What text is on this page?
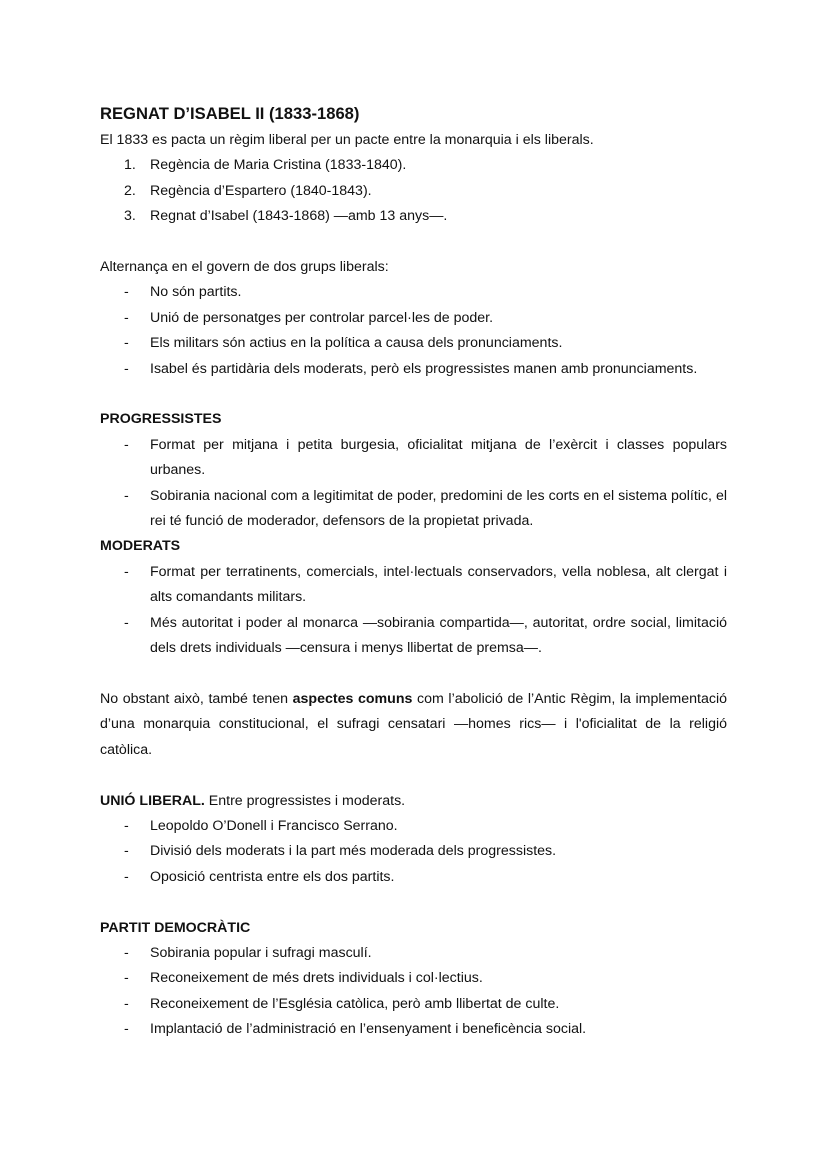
REGNAT D’ISABEL II (1833-1868)

El 1833 es pacta un règim liberal per un pacte entre la monarquia i els liberals.

1. Regència de Maria Cristina (1833-1840).
2. Regència d’Espartero (1840-1843).
3. Regnat d’Isabel (1843-1868) —amb 13 anys—.

Alternança en el govern de dos grups liberals:

- No són partits.
- Unió de personatges per controlar parcel·les de poder.
- Els militars són actius en la política a causa dels pronunciaments.
- Isabel és partidària dels moderats, però els progressistes manen amb pronunciaments.

PROGRESSISTES

- Format per mitjana i petita burgesia, oficialitat mitjana de l’exèrcit i classes populars urbanes.
- Sobirania nacional com a legitimitat de poder, predomini de les corts en el sistema polític, el rei té funció de moderador, defensors de la propietat privada.

MODERATS

- Format per terratinents, comercials, intel·lectuals conservadors, vella noblesa, alt clergat i alts comandants militars.
- Més autoritat i poder al monarca —sobirania compartida—, autoritat, ordre social, limitació dels drets individuals —censura i menys llibertat de premsa—.

No obstant això, també tenen aspectes comuns com l’abolició de l’Antic Règim, la implementació d’una monarquia constitucional, el sufragi censatari —homes rics— i l'oficialitat de la religió catòlica.

UNIÓ LIBERAL. Entre progressistes i moderats.

- Leopoldo O’Donell i Francisco Serrano.
- Divisió dels moderats i la part més moderada dels progressistes.
- Oposició centrista entre els dos partits.

PARTIT DEMOCRÀTIC

- Sobirania popular i sufragi masculí.
- Reconeixement de més drets individuals i col·lectius.
- Reconeixement de l’Església catòlica, però amb llibertat de culte.
- Implantació de l’administració en l’ensenyament i beneficència social.
